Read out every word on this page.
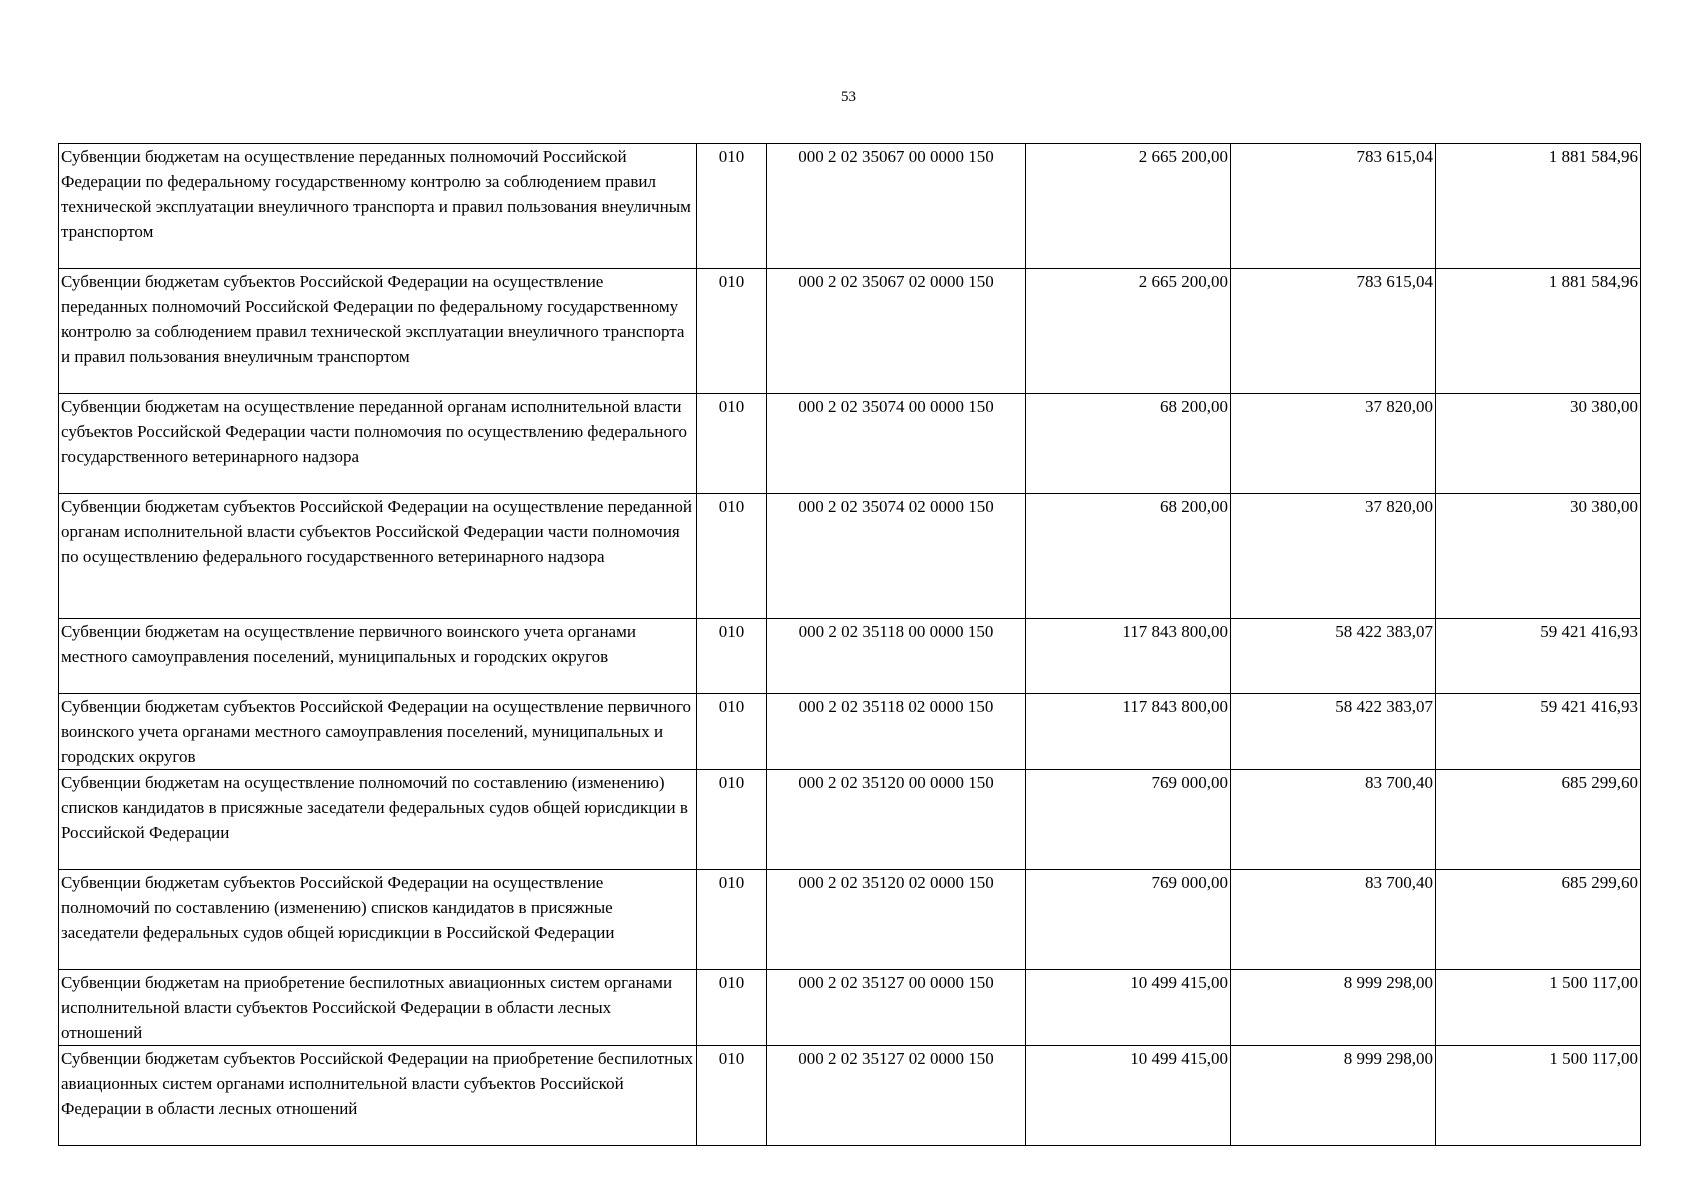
53
Субвенции бюджетам на осуществление переданных полномочий Российской Федерации по федеральному государственному контролю за соблюдением правил технической эксплуатации внеуличного транспорта и правил пользования внеуличным транспортом	010	000 2 02 35067 00 0000 150	2 665 200,00	783 615,04	1 881 584,96
Субвенции бюджетам субъектов Российской Федерации на осуществление переданных полномочий Российской Федерации по федеральному государственному контролю за соблюдением правил технической эксплуатации внеуличного транспорта и правил пользования внеуличным транспортом	010	000 2 02 35067 02 0000 150	2 665 200,00	783 615,04	1 881 584,96
Субвенции бюджетам на осуществление переданной органам исполнительной власти субъектов Российской Федерации части полномочия по осуществлению федерального государственного ветеринарного надзора	010	000 2 02 35074 00 0000 150	68 200,00	37 820,00	30 380,00
Субвенции бюджетам субъектов Российской Федерации на осуществление переданной органам исполнительной власти субъектов Российской Федерации части полномочия по осуществлению федерального государственного ветеринарного надзора	010	000 2 02 35074 02 0000 150	68 200,00	37 820,00	30 380,00
Субвенции бюджетам на осуществление первичного воинского учета органами местного самоуправления поселений, муниципальных и городских округов	010	000 2 02 35118 00 0000 150	117 843 800,00	58 422 383,07	59 421 416,93
Субвенции бюджетам субъектов Российской Федерации на осуществление первичного воинского учета органами местного самоуправления поселений, муниципальных и городских округов	010	000 2 02 35118 02 0000 150	117 843 800,00	58 422 383,07	59 421 416,93
Субвенции бюджетам на осуществление полномочий по составлению (изменению) списков кандидатов в присяжные заседатели федеральных судов общей юрисдикции в Российской Федерации	010	000 2 02 35120 00 0000 150	769 000,00	83 700,40	685 299,60
Субвенции бюджетам субъектов Российской Федерации на осуществление полномочий по составлению (изменению) списков кандидатов в присяжные заседатели федеральных судов общей юрисдикции в Российской Федерации	010	000 2 02 35120 02 0000 150	769 000,00	83 700,40	685 299,60
Субвенции бюджетам на приобретение беспилотных авиационных систем органами исполнительной власти субъектов Российской Федерации в области лесных отношений	010	000 2 02 35127 00 0000 150	10 499 415,00	8 999 298,00	1 500 117,00
Субвенции бюджетам субъектов Российской Федерации на приобретение беспилотных авиационных систем органами исполнительной власти субъектов Российской Федерации в области лесных отношений	010	000 2 02 35127 02 0000 150	10 499 415,00	8 999 298,00	1 500 117,00
